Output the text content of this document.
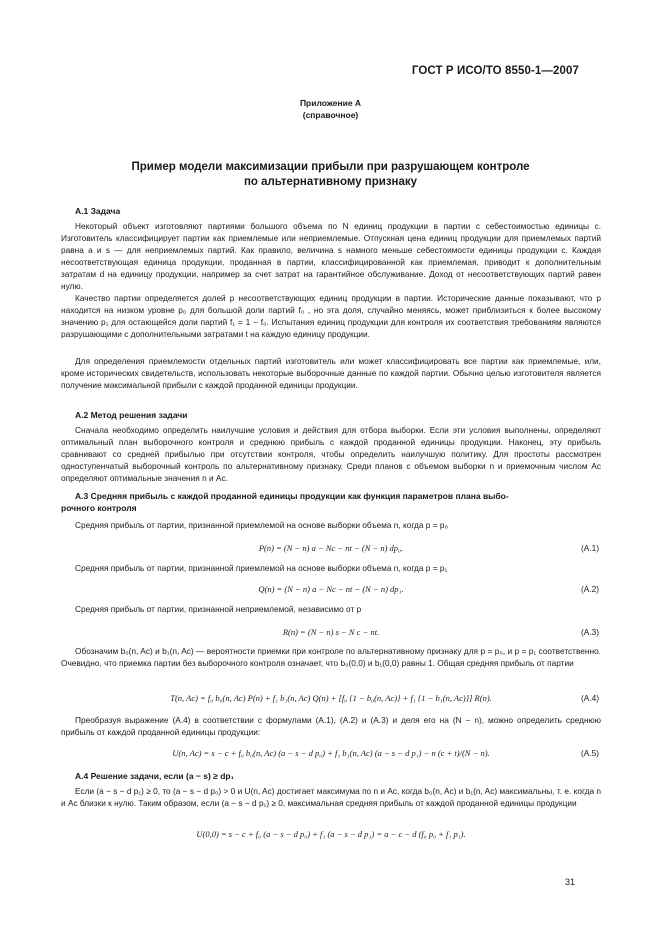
ГОСТ Р ИСО/ТО 8550-1—2007
Приложение А
(справочное)
Пример модели максимизации прибыли при разрушающем контроле
по альтернативному признаку
А.1 Задача
Некоторый объект изготовляют партиями большого объема по N единиц продукции в партии с себестоимостью единицы c. Изготовитель классифицирует партии как приемлемые или неприемлемые. Отпускная цена единиц продукции для приемлемых партий равна a и s — для неприемлемых партий. Как правило, величина s намного меньше себестоимости единицы продукции c. Каждая несоответствующая единица продукции, проданная в партии, классифицированной как приемлемая, приводит к дополнительным затратам d на единицу продукции, например за счет затрат на гарантийное обслуживание. Доход от несоответствующих партий равен нулю.
Качество партии определяется долей p несоответствующих единиц продукции в партии. Исторические данные показывают, что p находится на низком уровне p₀ для большой доли партий f₀ , но эта доля, случайно меняясь, может приблизиться к более высокому значению p₁ для остающейся доли партий f₁ = 1 − f₀. Испытания единиц продукции для контроля их соответствия требованиям являются разрушающими с дополнительными затратами t на каждую единицу продукции.
Для определения приемлемости отдельных партий изготовитель или может классифицировать все партии как приемлемые, или, кроме исторических свидетельств, использовать некоторые выборочные данные по каждой партии. Обычно целью изготовителя является получение максимальной прибыли с каждой проданной единицы продукции.
А.2 Метод решения задачи
Сначала необходимо определить наилучшие условия и действия для отбора выборки. Если эти условия выполнены, определяют оптимальный план выборочного контроля и среднюю прибыль с каждой проданной единицы продукции. Наконец, эту прибыль сравнивают со средней прибылью при отсутствии контроля, чтобы определить наилучшую политику. Для простоты рассмотрен одноступенчатый выборочный контроль по альтернативному признаку. Среди планов с объемом выборки n и приемочным числом Ac определяют оптимальные значения n и Ac.
А.3 Средняя прибыль с каждой проданной единицы продукции как функция параметров плана выбо-
рочного контроля
Средняя прибыль от партии, признанной приемлемой на основе выборки объема n, когда p = p₀
P(n) = (N − n) a − Nc − nt − (N − n) dp₀.	(А.1)
Средняя прибыль от партии, признанной приемлемой на основе выборки объема n, когда p = p₁
Q(n) = (N − n) a − Nc − nt − (N − n) dp₁.	(А.2)
Средняя прибыль от партии, признанной неприемлемой, независимо от p
R(n) = (N − n) s − N c − nt.	(А.3)
Обозначим b₀(n, Ac) и b₁(n, Ac) — вероятности приемки при контроле по альтернативному признаку для p = p₀, и p = p₁ соответственно. Очевидно, что приемка партии без выборочного контроля означает, что b₀(0,0) и b₁(0,0) равны 1. Общая средняя прибыль от партии
T(n, Ac) = f₀ b₀(n, Ac) P(n) + f₁ b₁(n, Ac) Q(n) + [f₀ {1 − b₀(n, Ac)} + f₁ {1 − b₁(n, Ac)}] R(n).	(А.4)
Преобразуя выражение (А.4) в соответствии с формулами (А.1), (А.2) и (А.3) и деля его на (N − n), можно определить среднюю прибыль от каждой проданной единицы продукции:
U(n, Ac) = s − c + f₀ b₀(n, Ac) (a − s − d p₀) + f₁ b₁(n, Ac) (a − s − d p₁) − n (c + t)/(N − n).	(А.5)
А.4 Решение задачи, если (a − s) ≥ dp₁
Если (a − s − d p₁) ≥ 0, то (a − s − d p₀) > 0 и U(n, Ac) достигает максимума по n и Ac, когда b₀(n, Ac) и b₁(n, Ac) максимальны, т. е. когда n и Ac близки к нулю. Таким образом, если (a − s − d p₁) ≥ 0, максимальная средняя прибыль от каждой проданной единицы продукции
U(0,0) = s − c + f₀ (a − s − d p₀) + f₁ (a − s − d p₁) = a − c − d (f₀ p₀ + f₁ p₁).
31
